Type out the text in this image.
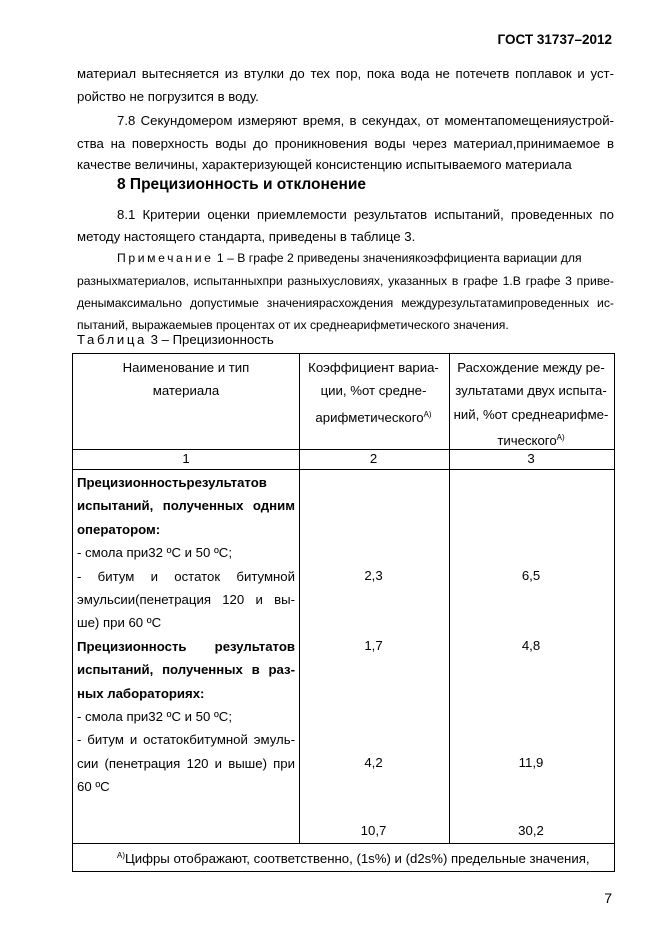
ГОСТ 31737–2012
материал вытесняется из втулки до тех пор, пока вода не потечетв поплавок и уст-
ройство не погрузится в воду.
7.8 Секундомером измеряют время, в секундах, от моментапомещенияустрой-
ства на поверхность воды до проникновения воды через материал,принимаемое в
качестве величины, характеризующей консистенцию испытываемого материала
8 Прецизионность и отклонение
8.1 Критерии оценки приемлемости результатов испытаний, проведенных по
методу настоящего стандарта, приведены в таблице 3.
Примечание 1 – В графе 2 приведены значениякоэффициента вариации для
разныхматериалов, испытанныхпри разныхусловиях, указанных в графе 1.В графе 3 приве-
денымаксимально допустимые значениярасхождения междурезультатамипроведенных ис-
пытаний, выражаемыев процентах от их среднеарифметического значения.
Таблица 3 – Прецизионность
Наименование и тип
материала
Коэффициент вариа-
ции, %от средне-
арифметического$^{А)}$
Расхождение между ре-
зультатами двух испыта-
ний, %от среднеарифме-
тического$^{А)}$
1	2	3
Прецизионностьрезультатов
испытаний, полученных одним
оператором:
- смола при32 ºС и 50 ºС;
- битум и остаток битумной
эмульсии(пенетрация 120 и вы-
ше) при 60 ºС
Прецизионность результатов
испытаний, полученных в раз-
ных лабораториях:
- смола при32 ºС и 50 ºС;
- битум и остатокбитумной эмуль-
сии (пенетрация 120 и выше) при
60 ºС
2,3
1,7
4,2
10,7
6,5
4,8
11,9
30,2
$^{А)}$Цифры отображают, соответственно, (1s%) и (d2s%) предельные значения,
7
